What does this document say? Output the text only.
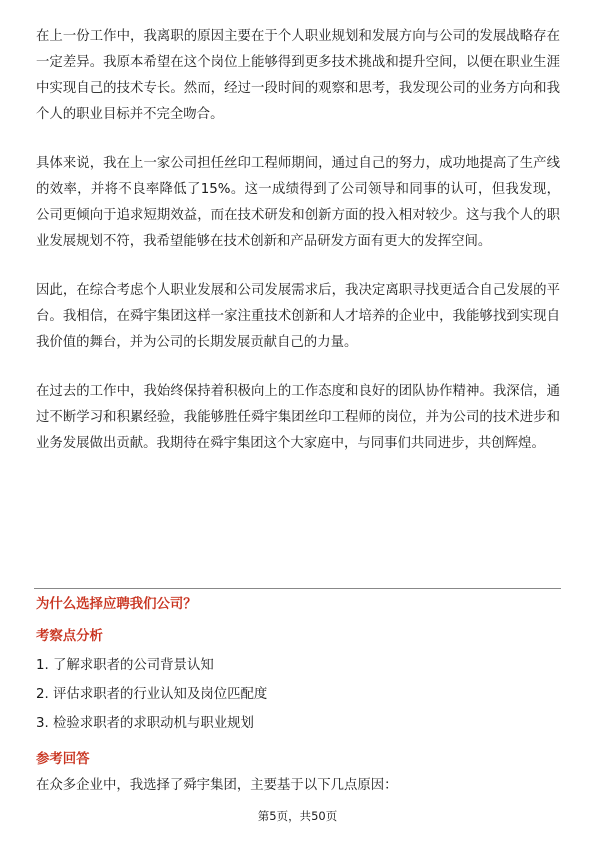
在上一份工作中，我离职的原因主要在于个人职业规划和发展方向与公司的发展战略存在一定差异。我原本希望在这个岗位上能够得到更多技术挑战和提升空间，以便在职业生涯中实现自己的技术专长。然而，经过一段时间的观察和思考，我发现公司的业务方向和我个人的职业目标并不完全吻合。

具体来说，我在上一家公司担任丝印工程师期间，通过自己的努力，成功地提高了生产线的效率，并将不良率降低了15%。这一成绩得到了公司领导和同事的认可，但我发现，公司更倾向于追求短期效益，而在技术研发和创新方面的投入相对较少。这与我个人的职业发展规划不符，我希望能够在技术创新和产品研发方面有更大的发挥空间。

因此，在综合考虑个人职业发展和公司发展需求后，我决定离职寻找更适合自己发展的平台。我相信，在舜宇集团这样一家注重技术创新和人才培养的企业中，我能够找到实现自我价值的舞台，并为公司的长期发展贡献自己的力量。

在过去的工作中，我始终保持着积极向上的工作态度和良好的团队协作精神。我深信，通过不断学习和积累经验，我能够胜任舜宇集团丝印工程师的岗位，并为公司的技术进步和业务发展做出贡献。我期待在舜宇集团这个大家庭中，与同事们共同进步，共创辉煌。

为什么选择应聘我们公司？

考察点分析

1. 了解求职者的公司背景认知

2. 评估求职者的行业认知及岗位匹配度

3. 检验求职者的求职动机与职业规划

参考回答

在众多企业中，我选择了舜宇集团，主要基于以下几点原因：

第5页，共50页
